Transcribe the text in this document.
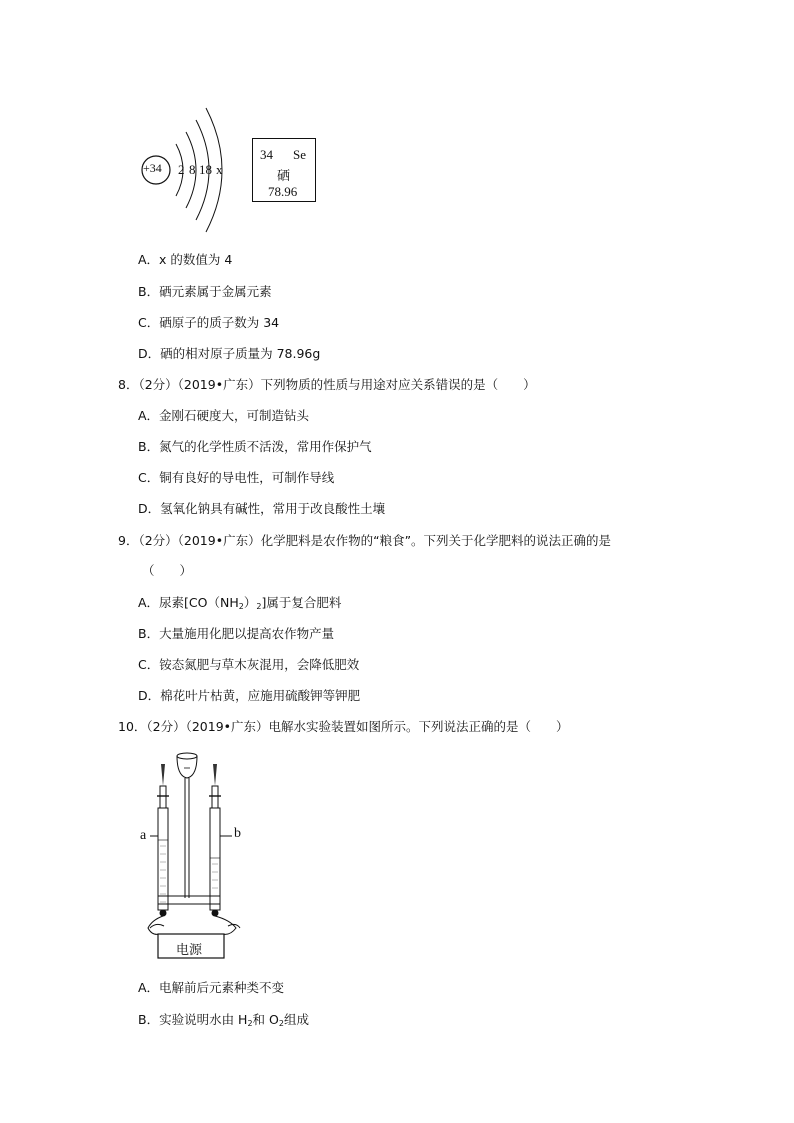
+34 2 8 18 x
34 Se
硒
78.96
A．x 的数值为 4
B．硒元素属于金属元素
C．硒原子的质子数为 34
D．硒的相对原子质量为 78.96g
8．（2分）（2019•广东）下列物质的性质与用途对应关系错误的是（　　）
A．金刚石硬度大，可制造钻头
B．氮气的化学性质不活泼，常用作保护气
C．铜有良好的导电性，可制作导线
D．氢氧化钠具有碱性，常用于改良酸性土壤
9．（2分）（2019•广东）化学肥料是农作物的“粮食”。下列关于化学肥料的说法正确的是
（　　）
A．尿素$[CO(NH_2)_2]$属于复合肥料
B．大量施用化肥以提高农作物产量
C．铵态氮肥与草木灰混用，会降低肥效
D．棉花叶片枯黄，应施用硫酸钾等钾肥
10．（2分）（2019•广东）电解水实验装置如图所示。下列说法正确的是（　　）
a	b
电源
A．电解前后元素种类不变
B．实验说明水由 $H_2$和 $O_2$组成
